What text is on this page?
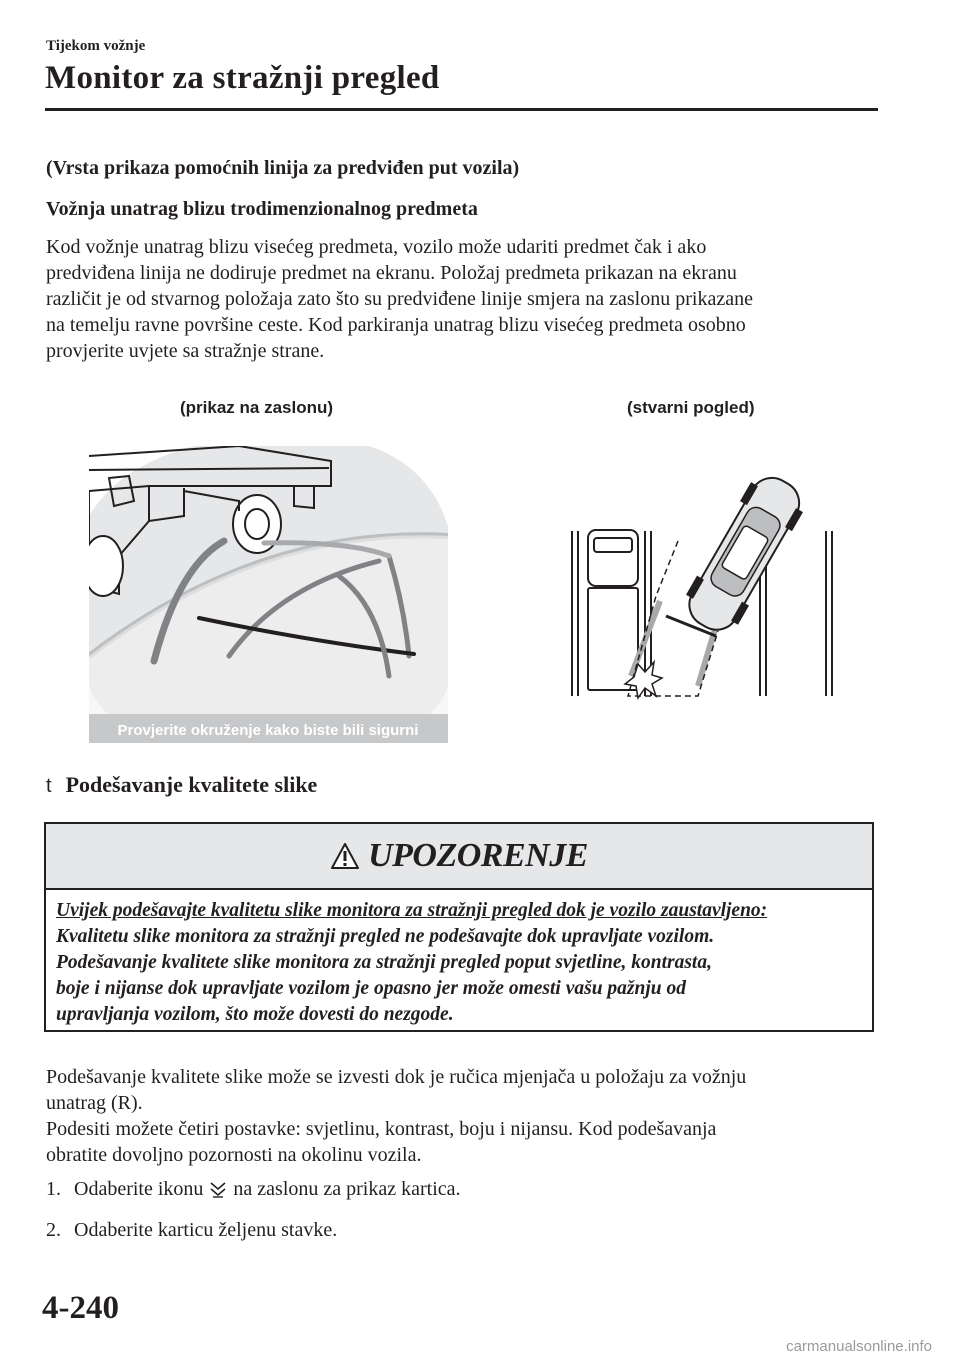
Tijekom vožnje
Monitor za stražnji pregled
(Vrsta prikaza pomoćnih linija za predviđen put vozila)
Vožnja unatrag blizu trodimenzionalnog predmeta

Kod vožnje unatrag blizu visećeg predmeta, vozilo može udariti predmet čak i ako
predviđena linija ne dodiruje predmet na ekranu. Položaj predmeta prikazan na ekranu
različit je od stvarnog položaja zato što su predviđene linije smjera na zaslonu prikazane
na temelju ravne površine ceste. Kod parkiranja unatrag blizu visećeg predmeta osobno
provjerite uvjete sa stražnje strane.

(prikaz na zaslonu)	(stvarni pogled)
Provjerite okruženje kako biste bili sigurni
t Podešavanje kvalitete slike
UPOZORENJE
Uvijek podešavajte kvalitetu slike monitora za stražnji pregled dok je vozilo zaustavljeno:

Kvalitetu slike monitora za stražnji pregled ne podešavajte dok upravljate vozilom.
Podešavanje kvalitete slike monitora za stražnji pregled poput svjetline, kontrasta,
boje i nijanse dok upravljate vozilom je opasno jer može omesti vašu pažnju od
upravljanja vozilom, što može dovesti do nezgode.

Podešavanje kvalitete slike može se izvesti dok je ručica mjenjača u položaju za vožnju
unatrag (R).

Podesiti možete četiri postavke: svjetlinu, kontrast, boju i nijansu. Kod podešavanja
obratite dovoljno pozornosti na okolinu vozila.

1. Odaberite ikonu na zaslonu za prikaz kartica.
2. Odaberite karticu željenu stavke.
4-240
carmanualsonline.info
